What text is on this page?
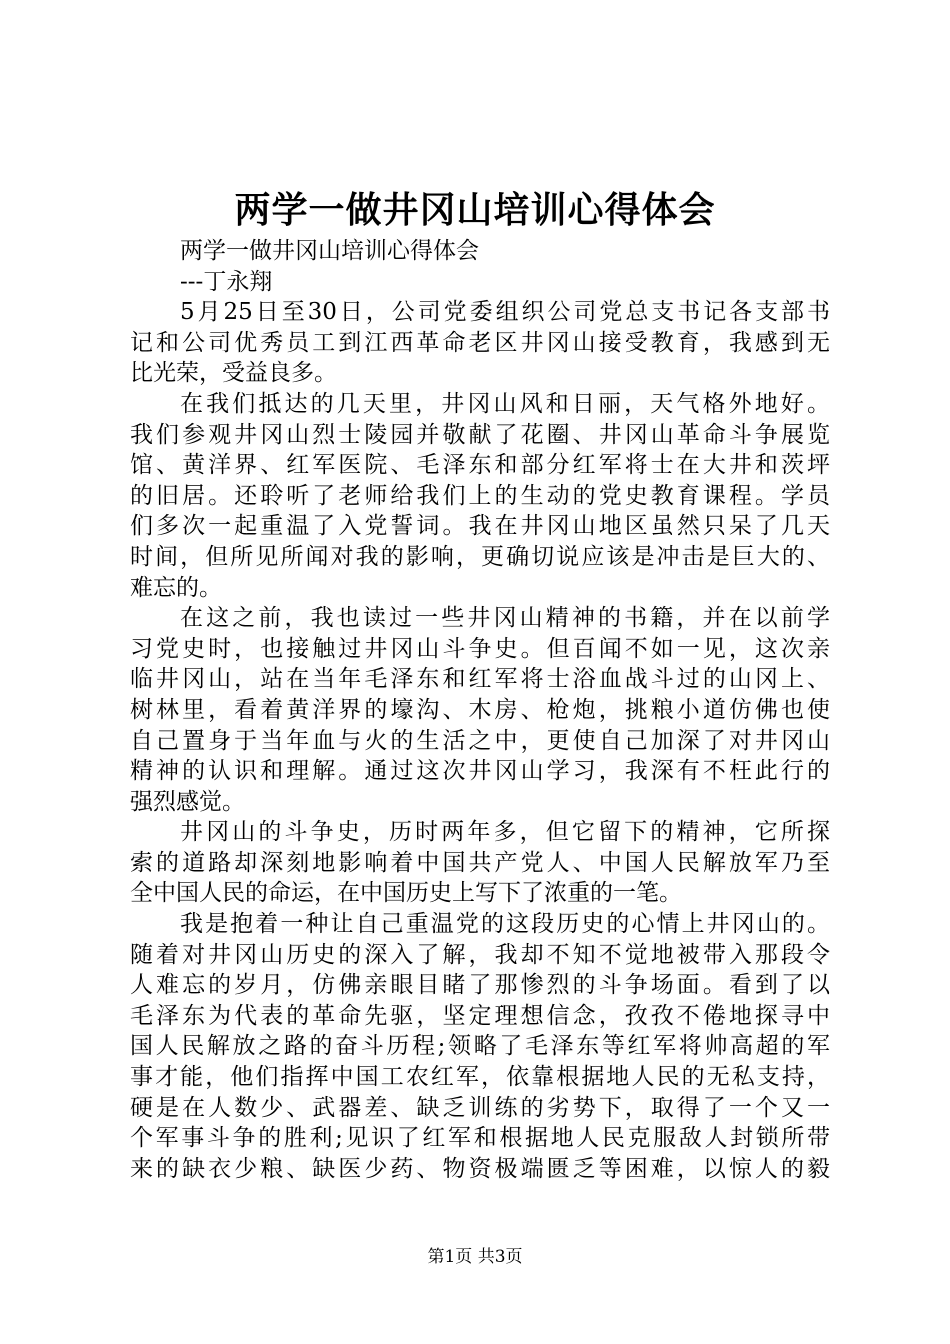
两学一做井冈山培训心得体会
两学一做井冈山培训心得体会
---丁永翔
5月25日至30日，公司党委组织公司党总支书记各支部书
记和公司优秀员工到江西革命老区井冈山接受教育，我感到无
比光荣，受益良多。
在我们抵达的几天里，井冈山风和日丽，天气格外地好。
我们参观井冈山烈士陵园并敬献了花圈、井冈山革命斗争展览
馆、黄洋界、红军医院、毛泽东和部分红军将士在大井和茨坪
的旧居。还聆听了老师给我们上的生动的党史教育课程。学员
们多次一起重温了入党誓词。我在井冈山地区虽然只呆了几天
时间，但所见所闻对我的影响，更确切说应该是冲击是巨大的、
难忘的。
在这之前，我也读过一些井冈山精神的书籍，并在以前学
习党史时，也接触过井冈山斗争史。但百闻不如一见，这次亲
临井冈山，站在当年毛泽东和红军将士浴血战斗过的山冈上、
树林里，看着黄洋界的壕沟、木房、枪炮，挑粮小道仿佛也使
自己置身于当年血与火的生活之中，更使自己加深了对井冈山
精神的认识和理解。通过这次井冈山学习，我深有不枉此行的
强烈感觉。
井冈山的斗争史，历时两年多，但它留下的精神，它所探
索的道路却深刻地影响着中国共产党人、中国人民解放军乃至
全中国人民的命运，在中国历史上写下了浓重的一笔。
我是抱着一种让自己重温党的这段历史的心情上井冈山的。
随着对井冈山历史的深入了解，我却不知不觉地被带入那段令
人难忘的岁月，仿佛亲眼目睹了那惨烈的斗争场面。看到了以
毛泽东为代表的革命先驱，坚定理想信念，孜孜不倦地探寻中
国人民解放之路的奋斗历程;领略了毛泽东等红军将帅高超的军
事才能，他们指挥中国工农红军，依靠根据地人民的无私支持，
硬是在人数少、武器差、缺乏训练的劣势下，取得了一个又一
个军事斗争的胜利;见识了红军和根据地人民克服敌人封锁所带
来的缺衣少粮、缺医少药、物资极端匮乏等困难，以惊人的毅
第1页 共3页
